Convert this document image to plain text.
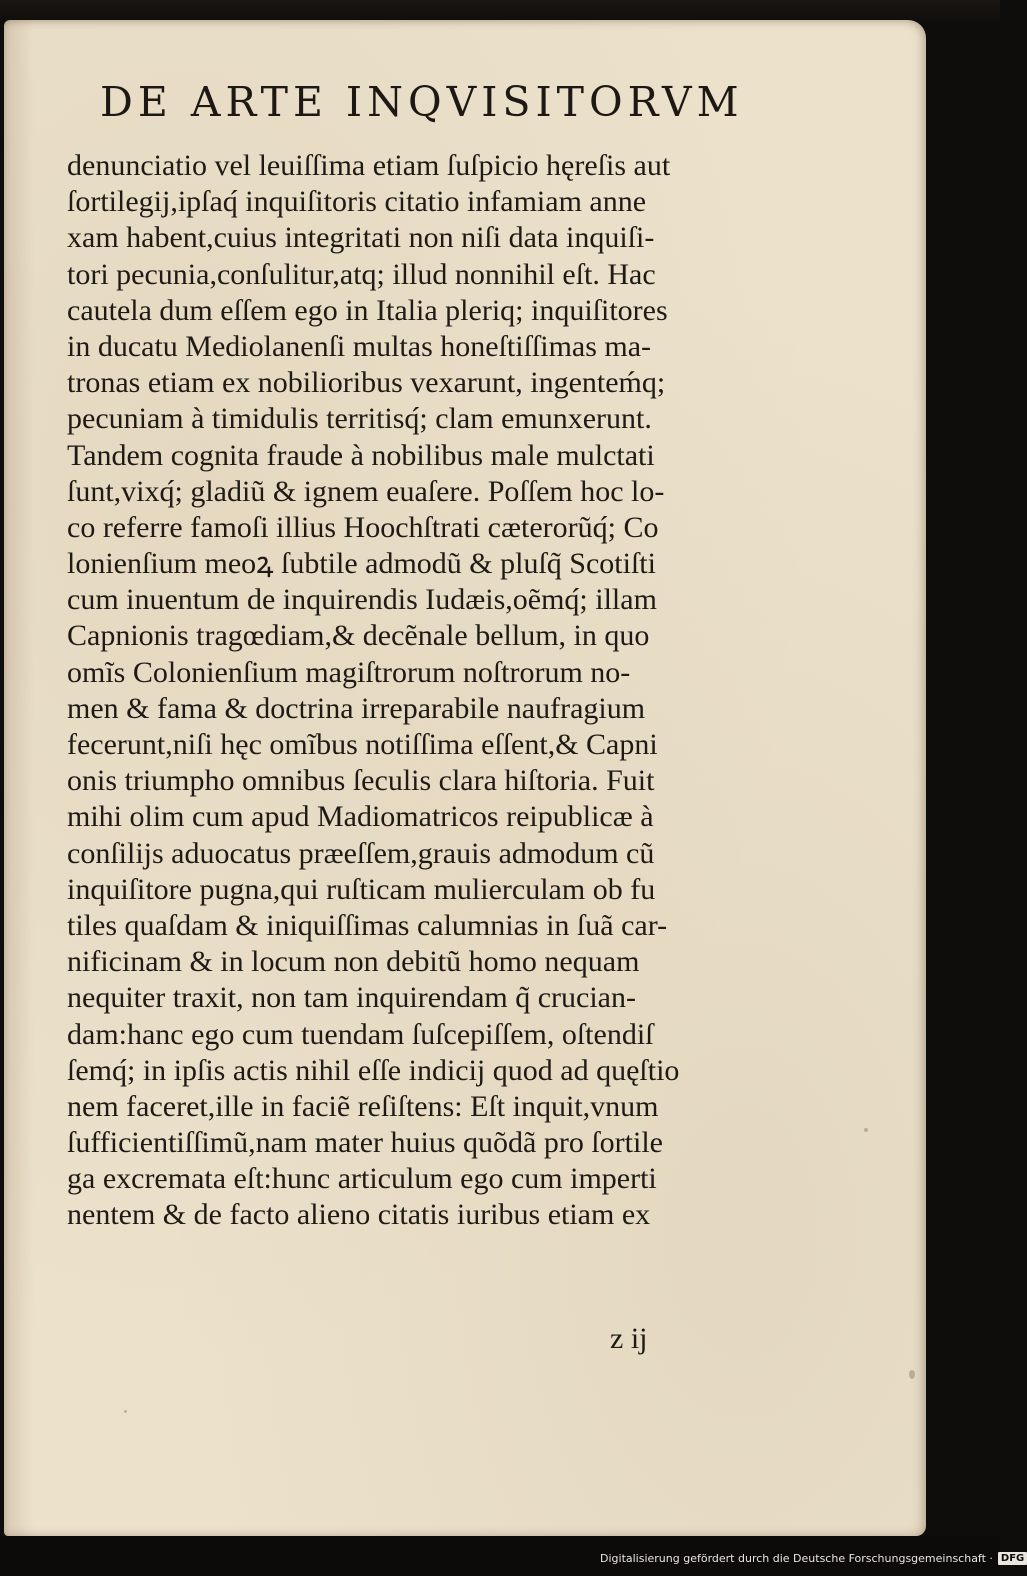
DE ARTE INQVISITORVM
denunciatio vel leuiſſima etiam ſuſpicio hęreſis aut
ſortilegij,ipſaq́ inquiſitoris citatio infamiam anne
xam habent,cuius integritati non niſi data inquiſi-
tori pecunia,conſulitur,atq; illud nonnihil eſt. Hac
cautela dum eſſem ego in Italia pleriq; inquiſitores
in ducatu Mediolanenſi multas honeſtiſſimas ma-
tronas etiam ex nobilioribus vexarunt, ingenteḿq;
pecuniam à timidulis territisq́; clam emunxerunt.
Tandem cognita fraude à nobilibus male mulctati
ſunt,vixq́; gladiũ & ignem euaſere. Poſſem hoc lo-
co referre famoſi illius Hoochſtrati cæterorũq́; Co
lonienſium meoꝝ ſubtile admodũ & pluſq̃ Scotiſti
cum inuentum de inquirendis Iudæis,oẽmq́; illam
Capnionis tragœdiam,& decẽnale bellum, in quo
omĩs Colonienſium magiſtrorum noſtrorum no-
men & fama & doctrina irreparabile naufragium
fecerunt,niſi hęc omĩbus notiſſima eſſent,& Capni
onis triumpho omnibus ſeculis clara hiſtoria. Fuit
mihi olim cum apud Madiomatricos reipublicæ à
conſilijs aduocatus præeſſem,grauis admodum cũ
inquiſitore pugna,qui ruſticam mulierculam ob fu
tiles quaſdam & iniquiſſimas calumnias in ſuã car-
nificinam & in locum non debitũ homo nequam
nequiter traxit, non tam inquirendam q̃ crucian-
dam:hanc ego cum tuendam ſuſcepiſſem, oſtendiſ
ſemq́; in ipſis actis nihil eſſe indicij quod ad quęſtio
nem faceret,ille in faciẽ reſiſtens: Eſt inquit,vnum
ſufficientiſſimũ,nam mater huius quõdã pro ſortile
ga excremata eſt:hunc articulum ego cum imperti
nentem & de facto alieno citatis iuribus etiam ex
z ij
Digitalisierung gefördert durch die Deutsche Forschungsgemeinschaft · DFG
